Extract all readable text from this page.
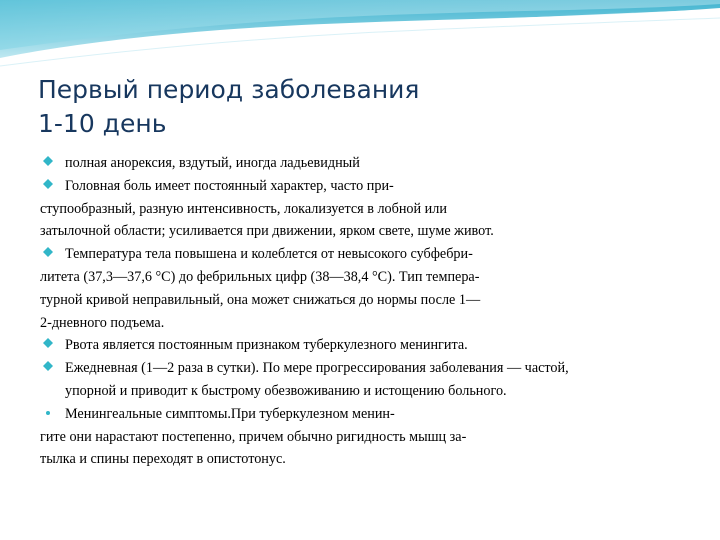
Первый период заболевания
1-10 день
полная анорексия, вздутый, иногда ладьевидный
Головная боль имеет постоянный характер, часто при-
ступообразный, разную интенсивность, локализуется в лобной или
затылочной области; усиливается при движении, ярком свете, шуме живот.
Температура тела повышена и колеблется от невысокого субфебри-
литета (37,3—37,6 °С) до фебрильных цифр (38—38,4 °С). Тип темпера-
турной кривой неправильный, она может снижаться до нормы после 1—
2-дневного подъема.
Рвота является постоянным признаком туберкулезного менингита.
Ежедневная (1—2 раза в сутки). По мере прогрессирования заболевания — частой,
упорной и приводит к быстрому обезвоживанию и истощению больного.
Менингеальные симптомы.При туберкулезном менин-
гите они нарастают постепенно, причем обычно ригидность мышц за-
тылка и спины переходят в опистотонус.
